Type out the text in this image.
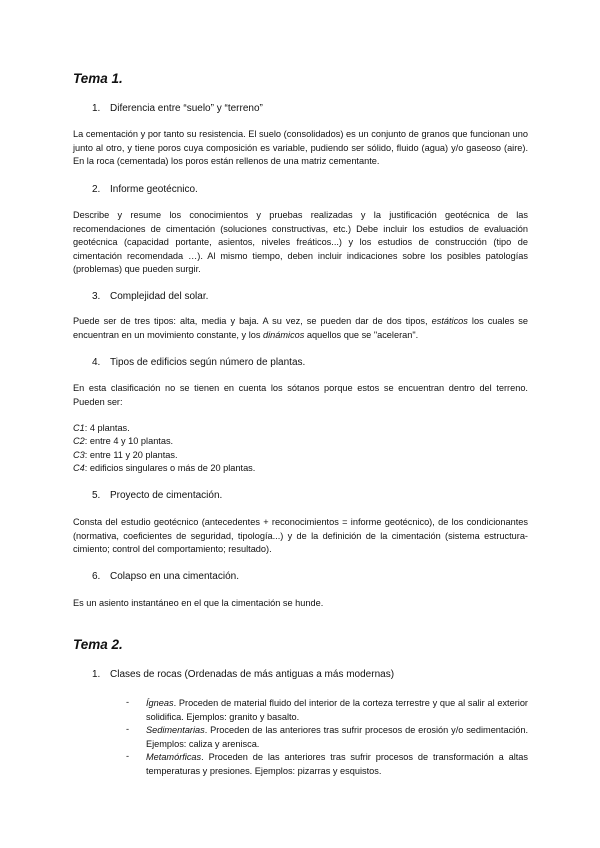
Tema 1.
1. Diferencia entre “suelo” y “terreno”
La cementación y por tanto su resistencia. El suelo (consolidados) es un conjunto de granos que funcionan uno junto al otro, y tiene poros cuya composición es variable, pudiendo ser sólido, fluido (agua) y/o gaseoso (aire). En la roca (cementada) los poros están rellenos de una matriz cementante.
2. Informe geotécnico.
Describe y resume los conocimientos y pruebas realizadas y la justificación geotécnica de las recomendaciones de cimentación (soluciones constructivas, etc.) Debe incluir los estudios de evaluación geotécnica (capacidad portante, asientos, niveles freáticos...) y los estudios de construcción (tipo de cimentación recomendada …). Al mismo tiempo, deben incluir indicaciones sobre los posibles patologías (problemas) que pueden surgir.
3. Complejidad del solar.
Puede ser de tres tipos: alta, media y baja. A su vez, se pueden dar de dos tipos, estáticos los cuales se encuentran en un movimiento constante, y los dinámicos aquellos que se "aceleran".
4. Tipos de edificios según número de plantas.
En esta clasificación no se tienen en cuenta los sótanos porque estos se encuentran dentro del terreno. Pueden ser:
C1: 4 plantas.
C2: entre 4 y 10 plantas.
C3: entre 11 y 20 plantas.
C4: edificios singulares o más de 20 plantas.
5. Proyecto de cimentación.
Consta del estudio geotécnico (antecedentes + reconocimientos = informe geotécnico), de los condicionantes (normativa, coeficientes de seguridad, tipología...) y de la definición de la cimentación (sistema estructura-cimiento; control del comportamiento; resultado).
6. Colapso en una cimentación.
Es un asiento instantáneo en el que la cimentación se hunde.
Tema 2.
1. Clases de rocas (Ordenadas de más antiguas a más modernas)
- Ígneas. Proceden de material fluido del interior de la corteza terrestre y que al salir al exterior solidifica. Ejemplos: granito y basalto.
- Sedimentarias. Proceden de las anteriores tras sufrir procesos de erosión y/o sedimentación. Ejemplos: caliza y arenisca.
- Metamórficas. Proceden de las anteriores tras sufrir procesos de transformación a altas temperaturas y presiones. Ejemplos: pizarras y esquistos.
